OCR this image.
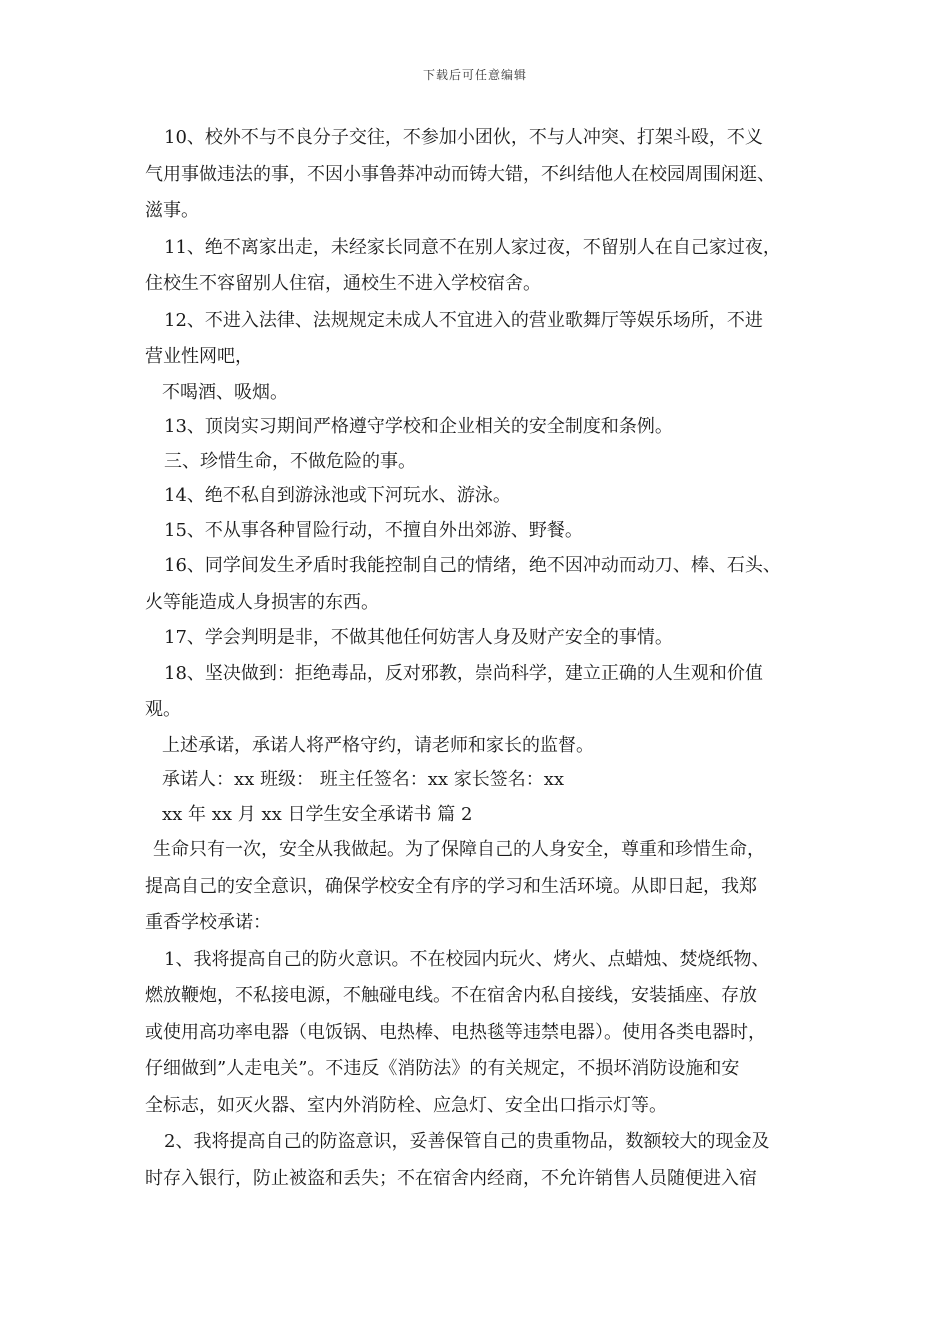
下载后可任意编辑
10、校外不与不良分子交往，不参加小团伙，不与人冲突、打架斗殴，不义
气用事做违法的事，不因小事鲁莽冲动而铸大错，不纠结他人在校园周围闲逛、
滋事。
11、绝不离家出走，未经家长同意不在别人家过夜，不留别人在自己家过夜，
住校生不容留别人住宿，通校生不进入学校宿舍。
12、不进入法律、法规规定未成人不宜进入的营业歌舞厅等娱乐场所，不进
营业性网吧，
不喝酒、吸烟。
13、顶岗实习期间严格遵守学校和企业相关的安全制度和条例。
三、珍惜生命，不做危险的事。
14、绝不私自到游泳池或下河玩水、游泳。
15、不从事各种冒险行动，不擅自外出郊游、野餐。
16、同学间发生矛盾时我能控制自己的情绪，绝不因冲动而动刀、棒、石头、
火等能造成人身损害的东西。
17、学会判明是非，不做其他任何妨害人身及财产安全的事情。
18、坚决做到：拒绝毒品，反对邪教，崇尚科学，建立正确的人生观和价值
观。
上述承诺，承诺人将严格守约，请老师和家长的监督。
承诺人：xx 班级： 班主任签名：xx 家长签名：xx
xx 年 xx 月 xx 日学生安全承诺书 篇 2
生命只有一次，安全从我做起。为了保障自己的人身安全，尊重和珍惜生命，
提高自己的安全意识，确保学校安全有序的学习和生活环境。从即日起，我郑
重香学校承诺：
1、我将提高自己的防火意识。不在校园内玩火、烤火、点蜡烛、焚烧纸物、
燃放鞭炮，不私接电源，不触碰电线。不在宿舍内私自接线，安装插座、存放
或使用高功率电器（电饭锅、电热棒、电热毯等违禁电器）。使用各类电器时，
仔细做到”人走电关”。不违反《消防法》的有关规定，不损坏消防设施和安
全标志，如灭火器、室内外消防栓、应急灯、安全出口指示灯等。
2、我将提高自己的防盗意识，妥善保管自己的贵重物品，数额较大的现金及
时存入银行，防止被盗和丢失；不在宿舍内经商，不允许销售人员随便进入宿
